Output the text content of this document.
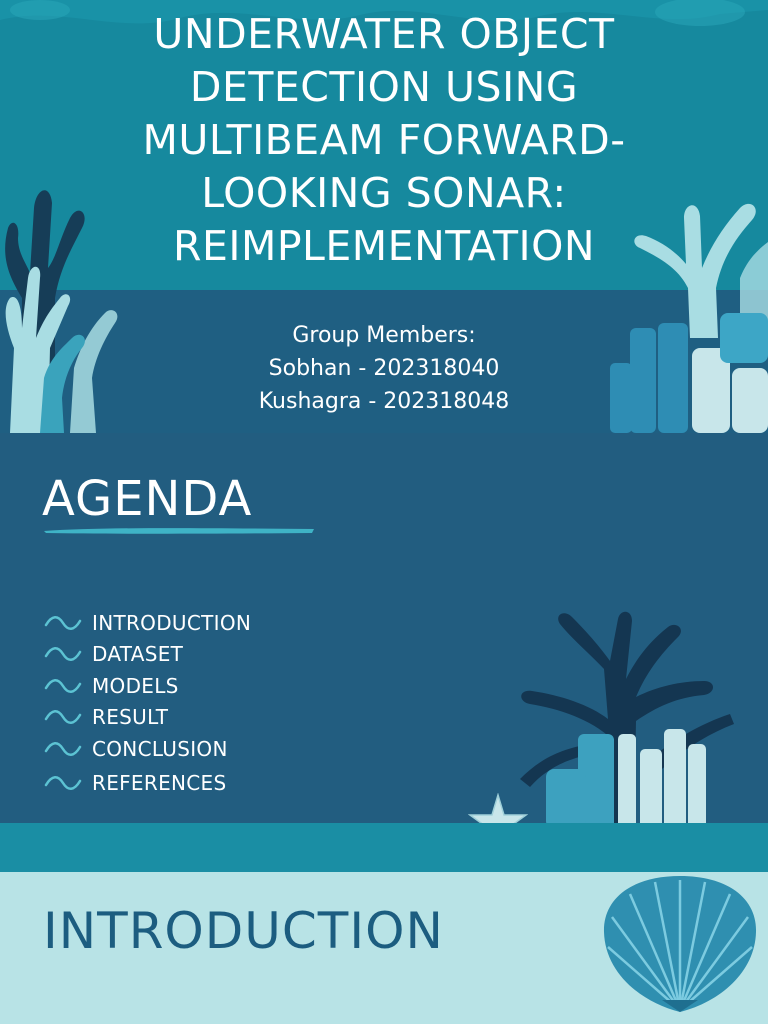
UNDERWATER OBJECT
DETECTION USING
MULTIBEAM FORWARD-
LOOKING SONAR:
REIMPLEMENTATION
Group Members:
Sobhan - 202318040
Kushagra - 202318048
AGENDA
INTRODUCTION
DATASET
MODELS
RESULT
CONCLUSION
REFERENCES
INTRODUCTION
